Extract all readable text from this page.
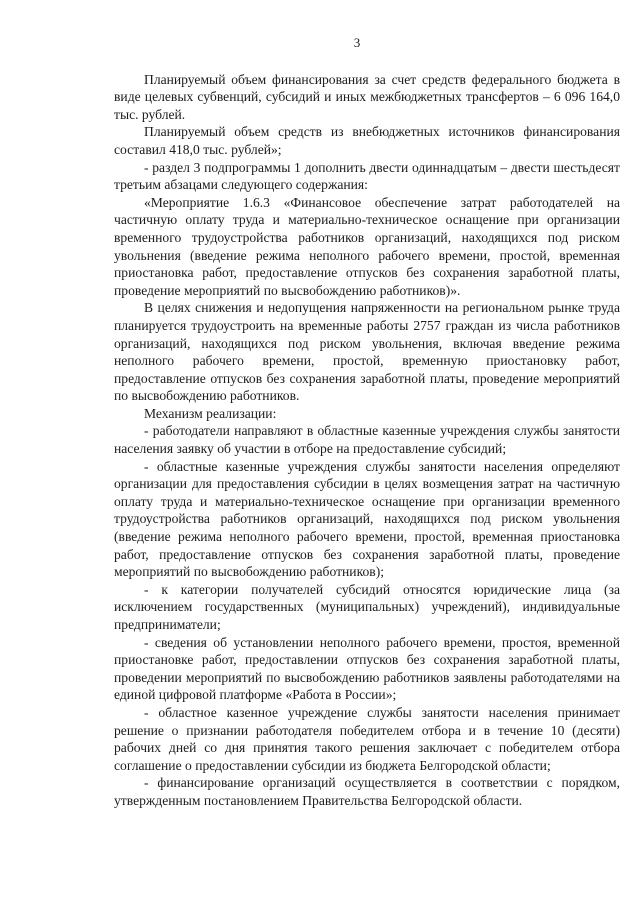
3

Планируемый объем финансирования за счет средств федерального бюджета в виде целевых субвенций, субсидий и иных межбюджетных трансфертов – 6 096 164,0 тыс. рублей.

Планируемый объем средств из внебюджетных источников финансирования составил 418,0 тыс. рублей»;

- раздел 3 подпрограммы 1 дополнить двести одиннадцатым – двести шестьдесят третьим абзацами следующего содержания:

«Мероприятие 1.6.3 «Финансовое обеспечение затрат работодателей на частичную оплату труда и материально-техническое оснащение при организации временного трудоустройства работников организаций, находящихся под риском увольнения (введение режима неполного рабочего времени, простой, временная приостановка работ, предоставление отпусков без сохранения заработной платы, проведение мероприятий по высвобождению работников)».

В целях снижения и недопущения напряженности на региональном рынке труда планируется трудоустроить на временные работы 2757 граждан из числа работников организаций, находящихся под риском увольнения, включая введение режима неполного рабочего времени, простой, временную приостановку работ, предоставление отпусков без сохранения заработной платы, проведение мероприятий по высвобождению работников.

Механизм реализации:

- работодатели направляют в областные казенные учреждения службы занятости населения заявку об участии в отборе на предоставление субсидий;

- областные казенные учреждения службы занятости населения определяют организации для предоставления субсидии в целях возмещения затрат на частичную оплату труда и материально-техническое оснащение при организации временного трудоустройства работников организаций, находящихся под риском увольнения (введение режима неполного рабочего времени, простой, временная приостановка работ, предоставление отпусков без сохранения заработной платы, проведение мероприятий по высвобождению работников);

- к категории получателей субсидий относятся юридические лица (за исключением государственных (муниципальных) учреждений), индивидуальные предприниматели;

- сведения об установлении неполного рабочего времени, простоя, временной приостановке работ, предоставлении отпусков без сохранения заработной платы, проведении мероприятий по высвобождению работников заявлены работодателями на единой цифровой платформе «Работа в России»;

- областное казенное учреждение службы занятости населения принимает решение о признании работодателя победителем отбора и в течение 10 (десяти) рабочих дней со дня принятия такого решения заключает с победителем отбора соглашение о предоставлении субсидии из бюджета Белгородской области;

- финансирование организаций осуществляется в соответствии с порядком, утвержденным постановлением Правительства Белгородской области.
